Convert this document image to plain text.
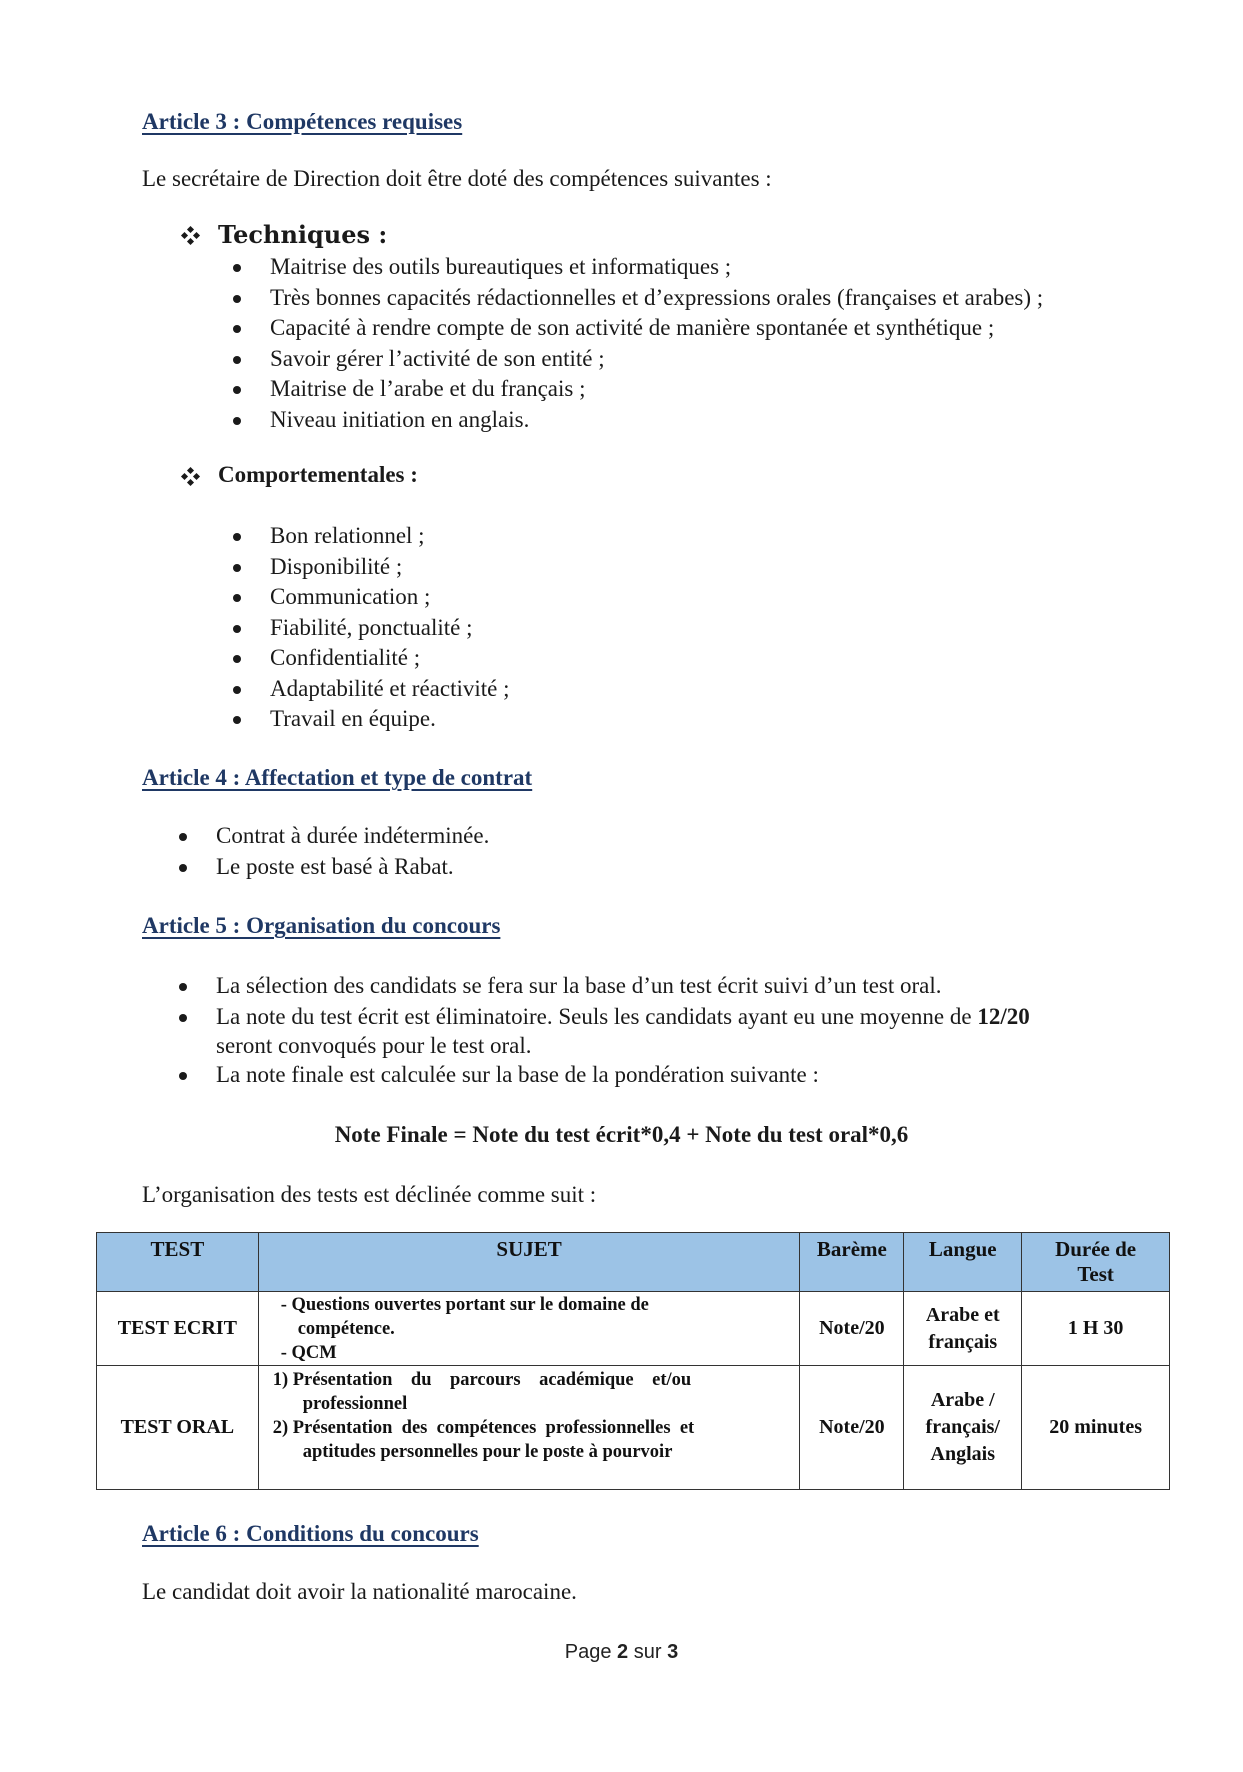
Article 3 : Compétences requises
Le secrétaire de Direction doit être doté des compétences suivantes :
Techniques :
Maitrise des outils bureautiques et informatiques ;
Très bonnes capacités rédactionnelles et d’expressions orales (françaises et arabes) ;
Capacité à rendre compte de son activité de manière spontanée et synthétique ;
Savoir gérer l’activité de son entité ;
Maitrise de l’arabe et du français ;
Niveau initiation en anglais.
Comportementales :
Bon relationnel ;
Disponibilité ;
Communication ;
Fiabilité, ponctualité ;
Confidentialité ;
Adaptabilité et réactivité ;
Travail en équipe.
Article 4 : Affectation et type de contrat
Contrat à durée indéterminée.
Le poste est basé à Rabat.
Article 5 : Organisation du concours
La sélection des candidats se fera sur la base d’un test écrit suivi d’un test oral.
La note du test écrit est éliminatoire. Seuls les candidats ayant eu une moyenne de 12/20
seront convoqués pour le test oral.
La note finale est calculée sur la base de la pondération suivante :
Note Finale = Note du test écrit*0,4 + Note du test oral*0,6
L’organisation des tests est déclinée comme suit :
TEST	SUJET	Barème	Langue	Durée de
Test

TEST ECRIT	- Questions ouvertes portant sur le domaine de
compétence.
- QCM	Note/20	Arabe et
français	1 H 30
TEST ORAL	1) Présentation    du    parcours    académique    et/ou
professionnel
2) Présentation  des  compétences  professionnelles  et
aptitudes personnelles pour le poste à pourvoir	Note/20	Arabe /
français/
Anglais	20 minutes
Article 6 : Conditions du concours
Le candidat doit avoir la nationalité marocaine.
Page 2 sur 3
